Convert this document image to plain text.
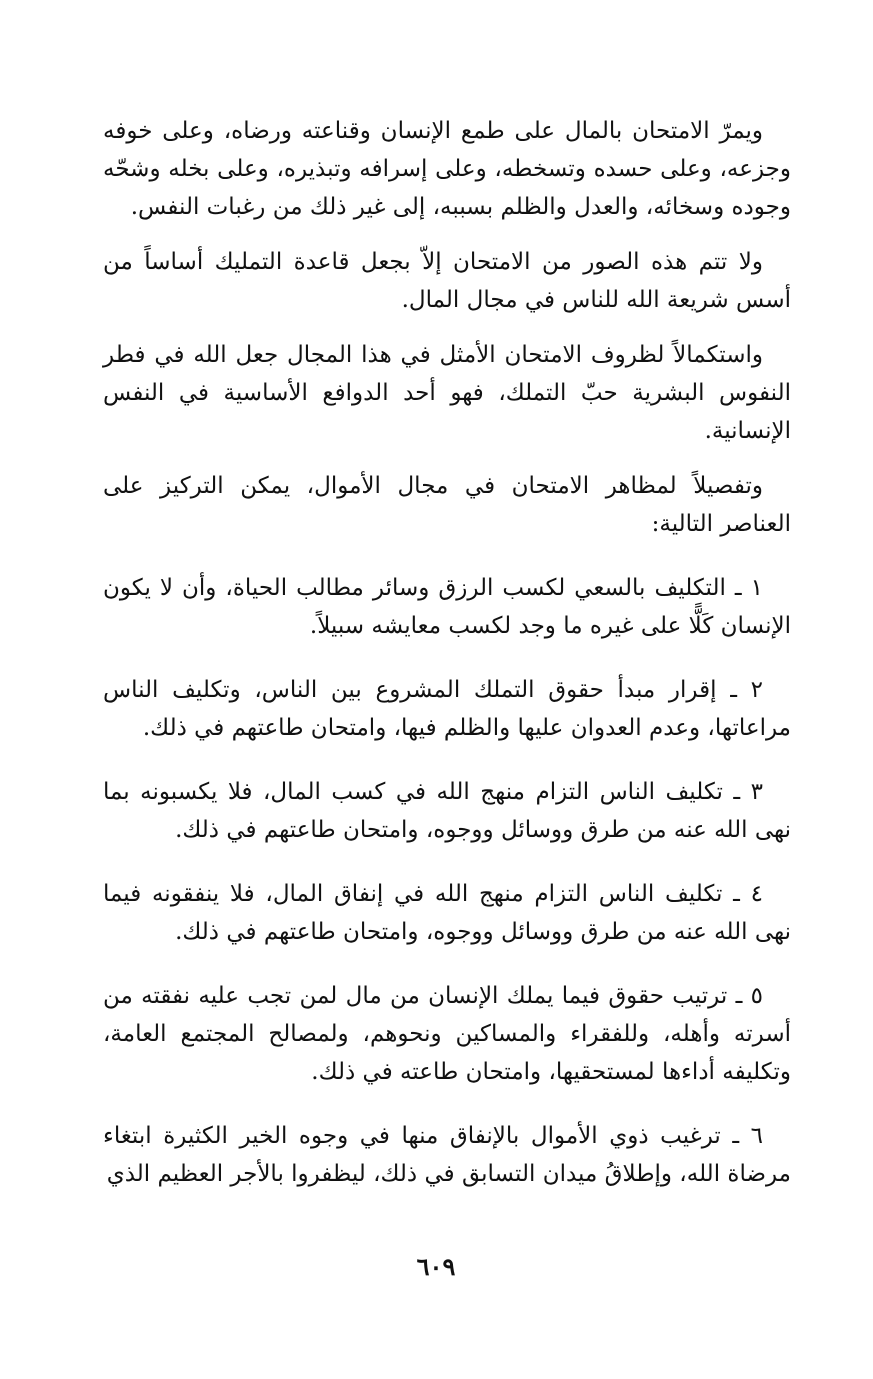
ويمرّ الامتحان بالمال على طمع الإنسان وقناعته ورضاه، وعلى خوفه وجزعه، وعلى حسده وتسخطه، وعلى إسرافه وتبذيره، وعلى بخله وشحّه وجوده وسخائه، والعدل والظلم بسببه، إلى غير ذلك من رغبات النفس.

ولا تتم هذه الصور من الامتحان إلاّ بجعل قاعدة التمليك أساساً من أسس شريعة الله للناس في مجال المال.

واستكمالاً لظروف الامتحان الأمثل في هذا المجال جعل الله في فطر النفوس البشرية حبّ التملك، فهو أحد الدوافع الأساسية في النفس الإنسانية.

وتفصيلاً لمظاهر الامتحان في مجال الأموال، يمكن التركيز على العناصر التالية:

١ ـ التكليف بالسعي لكسب الرزق وسائر مطالب الحياة، وأن لا يكون الإنسان كَلًّا على غيره ما وجد لكسب معايشه سبيلاً.

٢ ـ إقرار مبدأ حقوق التملك المشروع بين الناس، وتكليف الناس مراعاتها، وعدم العدوان عليها والظلم فيها، وامتحان طاعتهم في ذلك.

٣ ـ تكليف الناس التزام منهج الله في كسب المال، فلا يكسبونه بما نهى الله عنه من طرق ووسائل ووجوه، وامتحان طاعتهم في ذلك.

٤ ـ تكليف الناس التزام منهج الله في إنفاق المال، فلا ينفقونه فيما نهى الله عنه من طرق ووسائل ووجوه، وامتحان طاعتهم في ذلك.

٥ ـ ترتيب حقوق فيما يملك الإنسان من مال لمن تجب عليه نفقته من أسرته وأهله، وللفقراء والمساكين ونحوهم، ولمصالح المجتمع العامة، وتكليفه أداءها لمستحقيها، وامتحان طاعته في ذلك.

٦ ـ ترغيب ذوي الأموال بالإنفاق منها في وجوه الخير الكثيرة ابتغاء مرضاة الله، وإطلاقُ ميدان التسابق في ذلك، ليظفروا بالأجر العظيم الذي

٦٠٩
